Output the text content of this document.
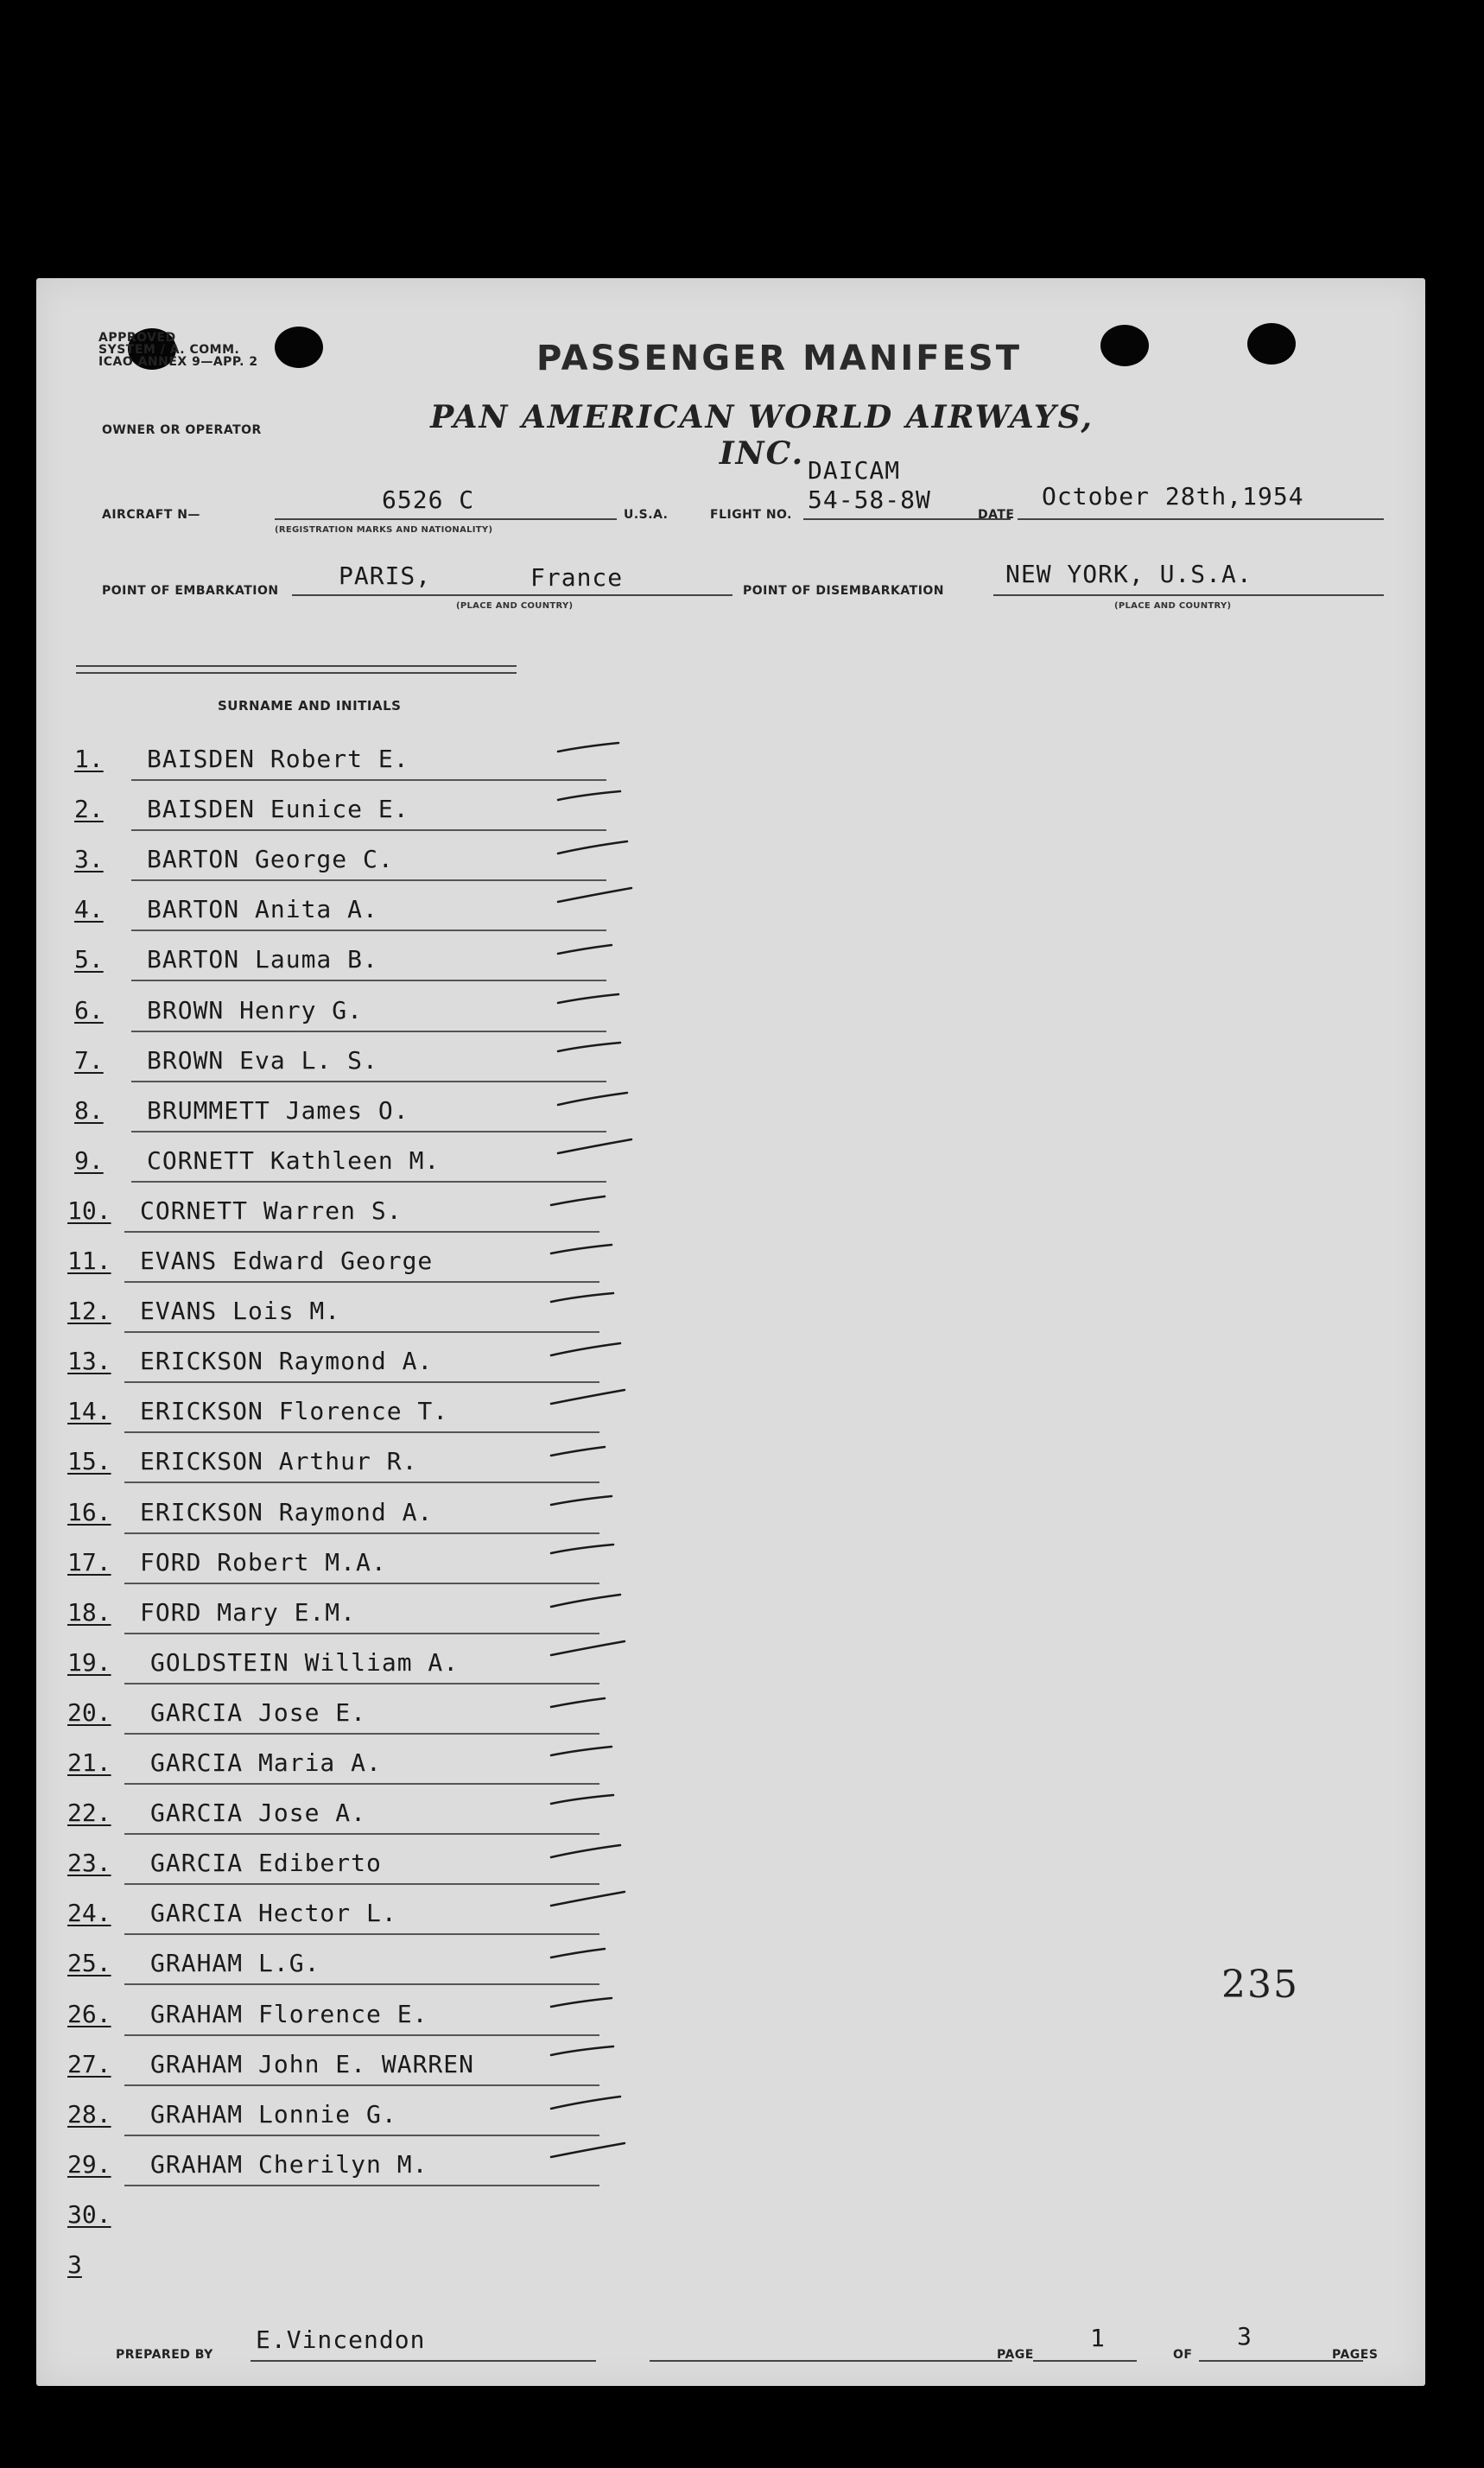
APPROVED
SYSTEM / A. COMM.
ICAO ANNEX 9—APP. 2	PASSENGER MANIFEST
PAN AMERICAN WORLD AIRWAYS, INC.
OWNER OR OPERATOR
AIRCRAFT N—
6526 C
(REGISTRATION MARKS AND NATIONALITY)
U.S.A.	FLIGHT NO.
DAICAM
54-58-8W
DATE
October 28th,1954
POINT OF EMBARKATION
PARIS,	France
(PLACE AND COUNTRY)
POINT OF DISEMBARKATION
NEW YORK, U.S.A.
(PLACE AND COUNTRY)
SURNAME AND INITIALS
1. BAISDEN Robert E.
2. BAISDEN Eunice E.
3. BARTON George C.
4. BARTON Anita A.
5. BARTON Lauma B.
6. BROWN Henry G.
7. BROWN Eva L. S.
8. BRUMMETT James O.
9. CORNETT Kathleen M.
10. CORNETT Warren S.
11. EVANS Edward George
12. EVANS Lois M.
13. ERICKSON Raymond A.
14. ERICKSON Florence T.
15. ERICKSON Arthur R.
16. ERICKSON Raymond A.
17. FORD Robert M.A.
18. FORD Mary E.M.
19. GOLDSTEIN William A.
20. GARCIA Jose E.
21. GARCIA Maria A.
22. GARCIA Jose A.
23. GARCIA Ediberto
24. GARCIA Hector L.
25. GRAHAM L.G.
26. GRAHAM Florence E.
27. GRAHAM John E. WARREN
28. GRAHAM Lonnie G.
29. GRAHAM Cherilyn M.
30.
3
235
PREPARED BY
E.Vincendon
PAGE
1
OF
3
PAGES
